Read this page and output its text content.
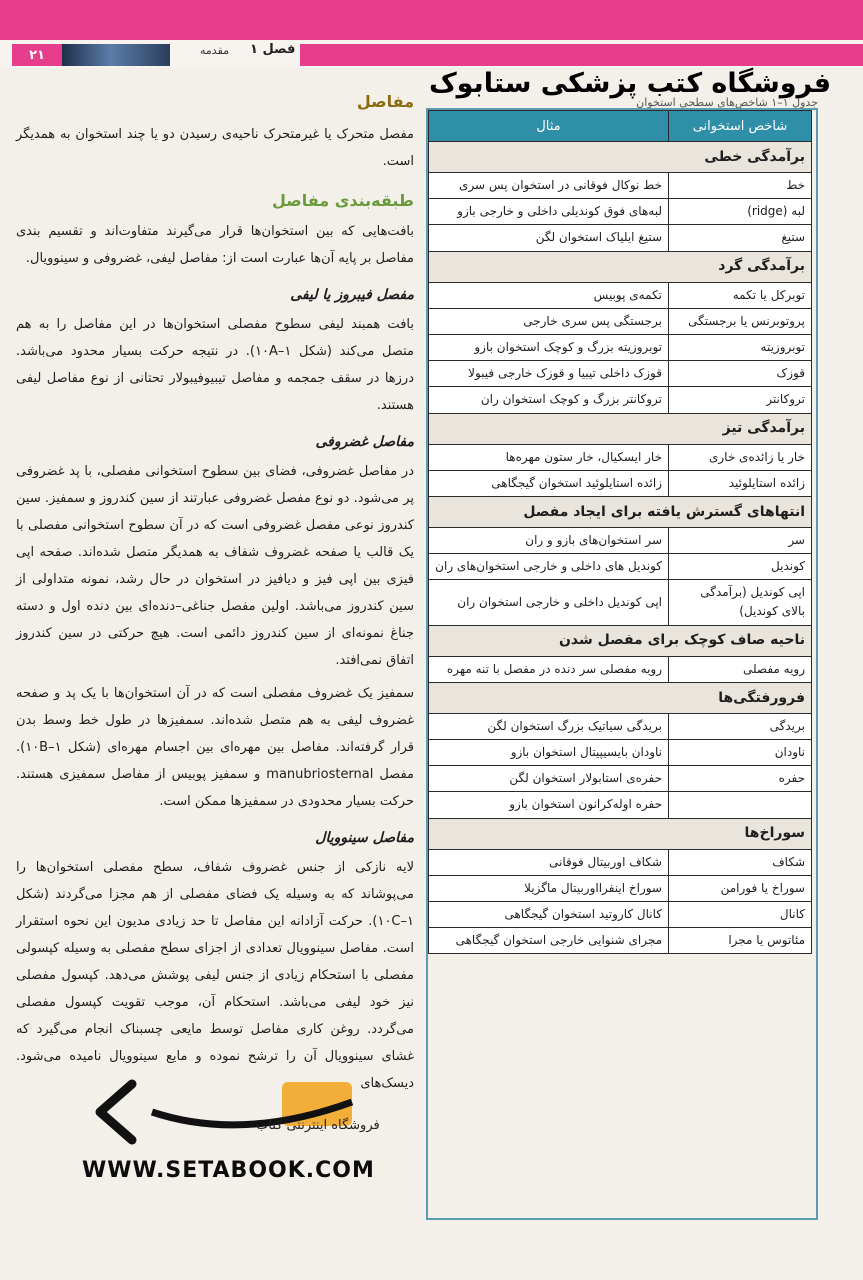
۲۱	مقدمه فصل ۱
جدول ۱–۱ شاخص‌های سطحی استخوان
فروشگاه کتب پزشکی ستابوک
مفاصل

مفصل متحرک یا غیرمتحرک ناحیه‌ی رسیدن دو یا چند استخوان به همدیگر است.

طبقه‌بندی مفاصل

بافت‌هایی که بین استخوان‌ها قرار می‌گیرند متفاوت‌اند و تقسیم بندی مفاصل بر پایه آن‌ها عبارت است از: مفاصل لیفی، غضروفی و سینوویال.

مفصل فیبروز یا لیفی

بافت همبند لیفی سطوح مفصلی استخوان‌ها در این مفاصل را به هم متصل می‌کند (شکل ۱۰A–۱). در نتیجه حرکت بسیار محدود می‌باشد. درزها در سقف جمجمه و مفاصل تیبیوفیبولار تحتانی از نوع مفاصل لیفی هستند.

مفاصل غضروفی

در مفاصل غضروفی، فضای بین سطوح استخوانی مفصلی، با پد غضروفی پر می‌شود. دو نوع مفصل غضروفی عبارتند از سین کندروز و سمفیز. سین کندروز نوعی مفصل غضروفی است که در آن سطوح استخوانی مفصلی با یک قالب یا صفحه غضروف شفاف به همدیگر متصل شده‌اند. صفحه اپی فیزی بین اپی فیز و دیافیز در استخوان در حال رشد، نمونه متداولی از سین کندروز می‌باشد. اولین مفصل جناغی–دنده‌ای بین دنده اول و دسته جناغ نمونه‌ای از سین کندروز دائمی است. هیچ حرکتی در سین کندروز اتفاق نمی‌افتد.

سمفیز یک غضروف مفصلی است که در آن استخوان‌ها با یک پد و صفحه غضروف لیفی به هم متصل شده‌اند. سمفیزها در طول خط وسط بدن قرار گرفته‌اند. مفاصل بین مهره‌ای بین اجسام مهره‌ای (شکل ۱۰B–۱). مفصل manubriosternal و سمفیز پوبیس از مفاصل سمفیزی هستند. حرکت بسیار محدودی در سمفیزها ممکن است.

مفاصل سینوویال

لایه نازکی از جنس غضروف شفاف، سطح مفصلی استخوان‌ها را می‌پوشاند که به وسیله یک فضای مفصلی از هم مجزا می‌گردند (شکل ۱۰C–۱). حرکت آزادانه این مفاصل تا حد زیادی مدیون این نحوه استقرار است. مفاصل سینوویال تعدادی از اجزای سطح مفصلی به وسیله کپسولی مفصلی با استحکام زیادی از جنس لیفی پوشش می‌دهد. کپسول مفصلی نیز خود لیفی می‌باشد. استحکام آن، موجب تقویت کپسول مفصلی می‌گردد. روغن کاری مفاصل توسط مایعی چسبناک انجام می‌گیرد که غشای سینوویال آن را ترشح نموده و مایع سینوویال نامیده می‌شود. دیسک‌های

شاخص استخوانی	مثال
برآمدگی خطی	
خط	خط نوکال فوقانی در استخوان پس سری
لبه (ridge)	لبه‌های فوق کوندیلی داخلی و خارجی بازو
ستیغ	ستیغ ایلیاک استخوان لگن
برآمدگی گرد	
توبرکل یا تکمه	تکمه‌ی پوبیس
پروتوبرنس یا برجستگی	برجستگی پس سری خارجی
توبروزیته	توبروزیته بزرگ و کوچک استخوان بازو
قوزک	قوزک داخلی تیبیا و قوزک خارجی فیبولا
تروکانتر	تروکانتر بزرگ و کوچک استخوان ران
برآمدگی تیز	
خار یا زائده‌ی خاری	خار ایسکیال، خار ستون مهره‌ها
زائده استایلوئید	زائده استایلوئید استخوان گیجگاهی
انتهاهای گسترش یافته برای ایجاد مفصل	
سر	سر استخوان‌های بازو و ران
کوندیل	کوندیل های داخلی و خارجی استخوان‌های ران
اپی کوندیل (برآمدگی بالای کوندیل)	اپی کوندیل داخلی و خارجی استخوان ران
ناحیه صاف کوچک برای مفصل شدن	
رویه مفصلی	رویه مفصلی سر دنده در مفصل با تنه مهره
فرورفتگی‌ها	
بریدگی	بریدگی سیاتیک بزرگ استخوان لگن
ناودان	ناودان بایسیپیتال استخوان بازو
حفره	حفره‌ی استابولار استخوان لگن
	حفره اوله‌کرانون استخوان بازو
سوراخ‌ها	
شکاف	شکاف اوربیتال فوقانی
سوراخ یا فورامن	سوراخ اینفرااوربیتال ماگزیلا
کانال	کانال کاروتید استخوان گیجگاهی
مئاتوس یا مجرا	مجرای شنوایی خارجی استخوان گیجگاهی
فروشگاه اینترنتی کتاب
WWW.SETABOOK.COM
